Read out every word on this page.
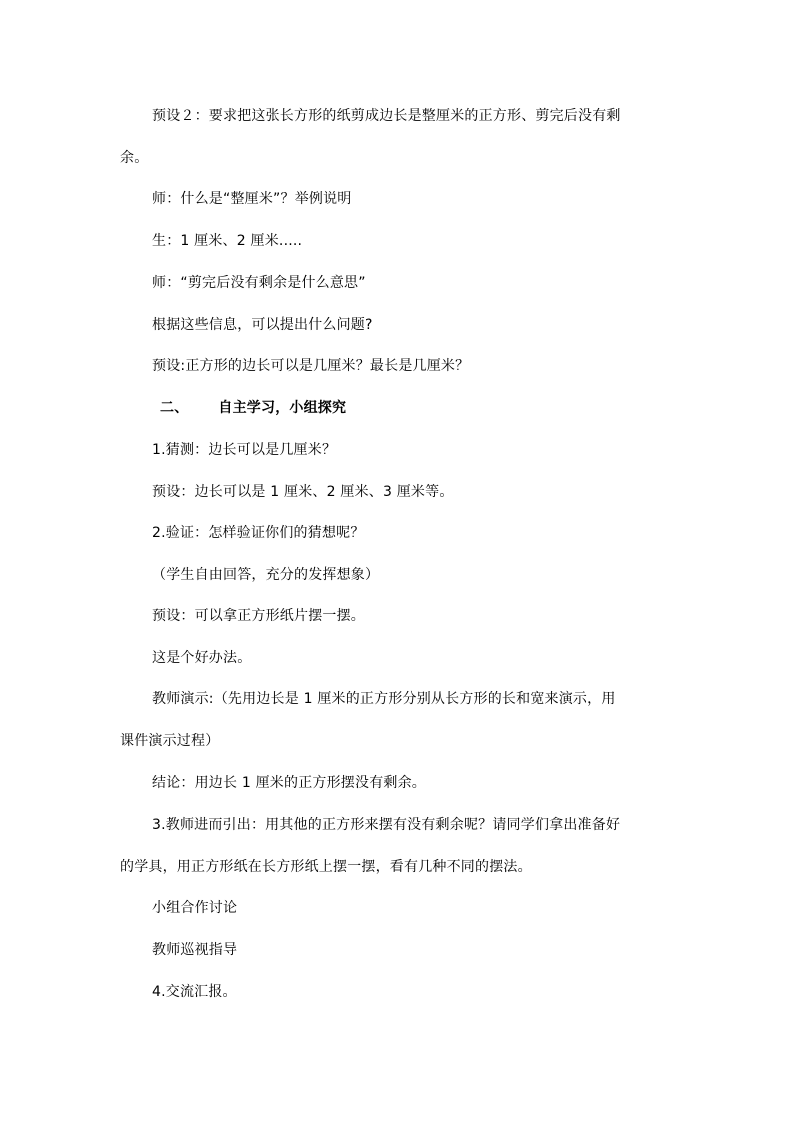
预设２：要求把这张长方形的纸剪成边长是整厘米的正方形、剪完后没有剩
余。
师：什么是“整厘米”？举例说明
生：1 厘米、2 厘米.....
师：“剪完后没有剩余是什么意思”
根据这些信息，可以提出什么问题?
预设:正方形的边长可以是几厘米？最长是几厘米？
二、 自主学习，小组探究
1.猜测：边长可以是几厘米？
预设：边长可以是 1 厘米、2 厘米、3 厘米等。
2.验证：怎样验证你们的猜想呢？
（学生自由回答，充分的发挥想象）
预设：可以拿正方形纸片摆一摆。
这是个好办法。
教师演示:（先用边长是 1 厘米的正方形分别从长方形的长和宽来演示，用
课件演示过程）
结论：用边长 1 厘米的正方形摆没有剩余。
3.教师进而引出：用其他的正方形来摆有没有剩余呢？请同学们拿出准备好
的学具，用正方形纸在长方形纸上摆一摆，看有几种不同的摆法。
小组合作讨论
教师巡视指导
4.交流汇报。
